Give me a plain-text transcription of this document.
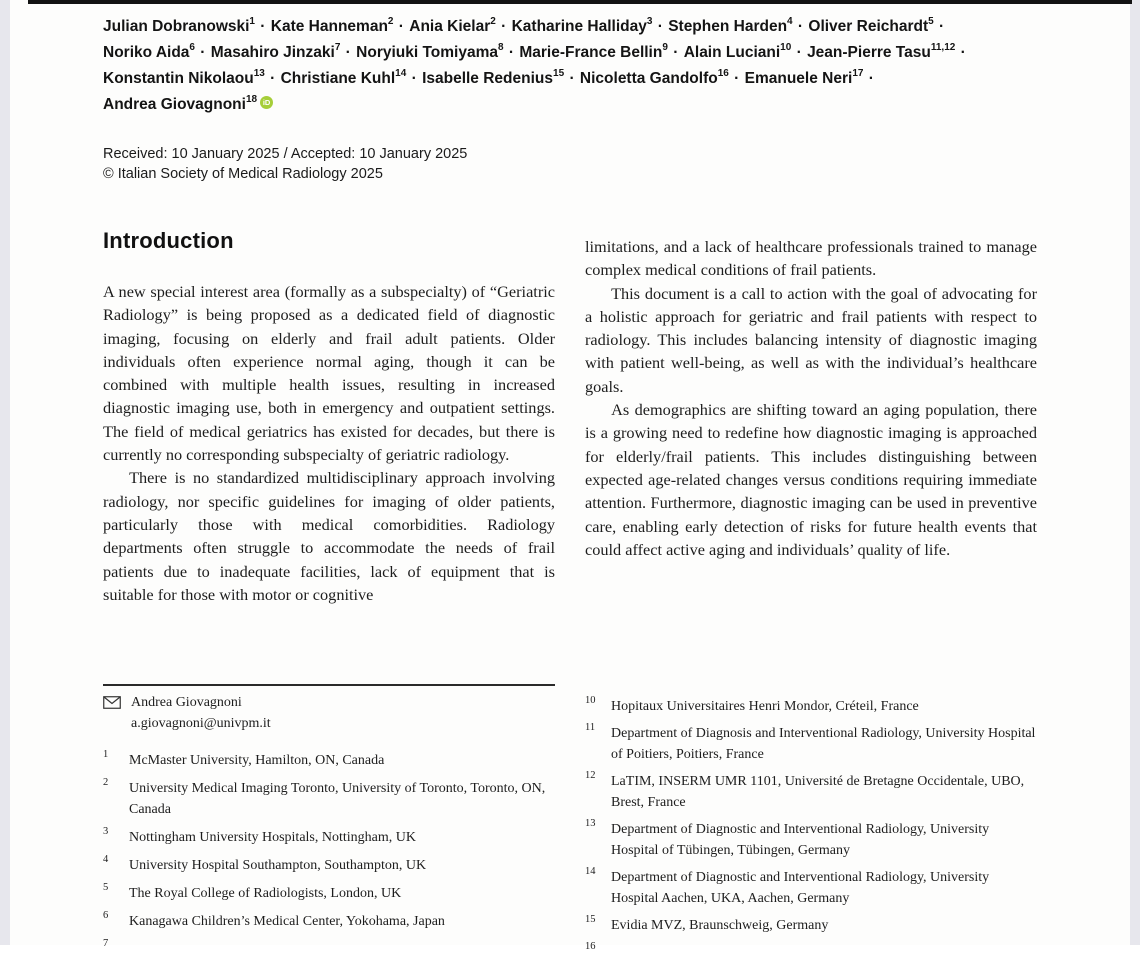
Julian Dobranowski$^1$ · Kate Hanneman$^2$ · Ania Kielar$^2$ · Katharine Halliday$^3$ · Stephen Harden$^4$ · Oliver Reichardt$^5$ ·
Noriko Aida$^6$ · Masahiro Jinzaki$^7$ · Noryiuki Tomiyama$^8$ · Marie-France Bellin$^9$ · Alain Luciani$^{10}$ · Jean-Pierre Tasu$^{11,12}$ ·
Konstantin Nikolaou$^{13}$ · Christiane Kuhl$^{14}$ · Isabelle Redenius$^{15}$ · Nicoletta Gandolfo$^{16}$ · Emanuele Neri$^{17}$ ·
Andrea Giovagnoni$^{18}$ iD
Received: 10 January 2025 / Accepted: 10 January 2025
© Italian Society of Medical Radiology 2025
Introduction

A new special interest area (formally as a subspecialty) of “Geriatric Radiology” is being proposed as a dedicated field of diagnostic imaging, focusing on elderly and frail adult patients. Older individuals often experience normal aging, though it can be combined with multiple health issues, resulting in increased diagnostic imaging use, both in emergency and outpatient settings. The field of medical geriatrics has existed for decades, but there is currently no corresponding subspecialty of geriatric radiology.

There is no standardized multidisciplinary approach involving radiology, nor specific guidelines for imaging of older patients, particularly those with medical comorbidities. Radiology departments often struggle to accommodate the needs of frail patients due to inadequate facilities, lack of equipment that is suitable for those with motor or cognitive

limitations, and a lack of healthcare professionals trained to manage complex medical conditions of frail patients.

This document is a call to action with the goal of advocating for a holistic approach for geriatric and frail patients with respect to radiology. This includes balancing intensity of diagnostic imaging with patient well-being, as well as with the individual’s healthcare goals.

As demographics are shifting toward an aging population, there is a growing need to redefine how diagnostic imaging is approached for elderly/frail patients. This includes distinguishing between expected age-related changes versus conditions requiring immediate attention. Furthermore, diagnostic imaging can be used in preventive care, enabling early detection of risks for future health events that could affect active aging and individuals’ quality of life.

Andrea Giovagnoni
a.giovagnoni@univpm.it
1	McMaster University, Hamilton, ON, Canada
2	University Medical Imaging Toronto, University of Toronto, Toronto, ON, Canada
3	Nottingham University Hospitals, Nottingham, UK
4	University Hospital Southampton, Southampton, UK
5	The Royal College of Radiologists, London, UK
6	Kanagawa Children’s Medical Center, Yokohama, Japan
7
10	Hopitaux Universitaires Henri Mondor, Créteil, France
11	Department of Diagnosis and Interventional Radiology, University Hospital of Poitiers, Poitiers, France
12	LaTIM, INSERM UMR 1101, Université de Bretagne Occidentale, UBO, Brest, France
13	Department of Diagnostic and Interventional Radiology, University Hospital of Tübingen, Tübingen, Germany
14	Department of Diagnostic and Interventional Radiology, University Hospital Aachen, UKA, Aachen, Germany
15	Evidia MVZ, Braunschweig, Germany
16
